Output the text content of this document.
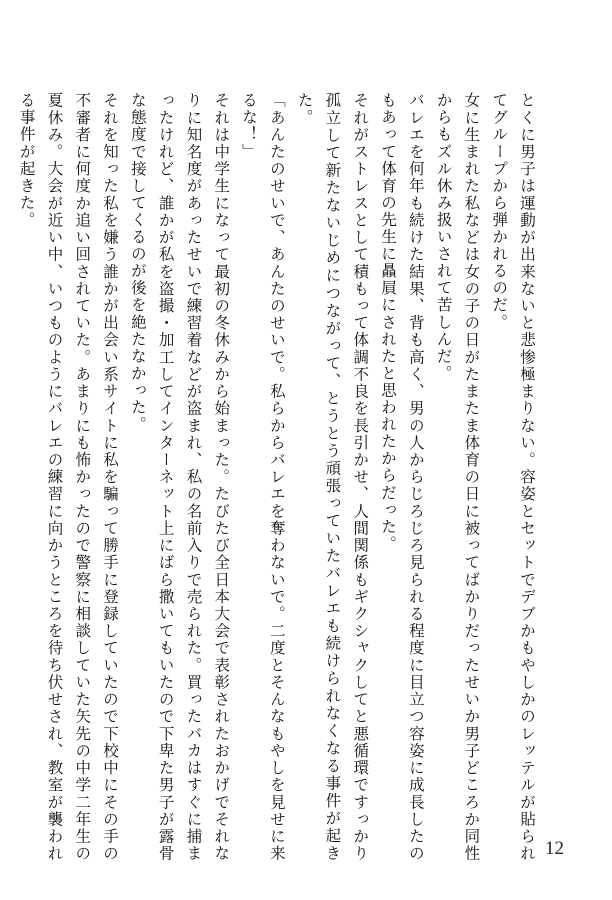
とくに男子は運動が出来ないと悲惨極まりない。容姿とセットでデブかもやしかのレッテルが貼られてグループから弾かれるのだ。

女に生まれた私などは女の子の日がたまたま体育の日に被ってばかりだったせいか男子どころか同性からもズル休み扱いされて苦しんだ。

バレエを何年も続けた結果、背も高く、男の人からじろじろ見られる程度に目立つ容姿に成長したのもあって体育の先生に贔屓にされたと思われたからだった。

それがストレスとして積もって体調不良を長引かせ、人間関係もギクシャクしてと悪循環ですっかり孤立して新たないじめにつながって、とうとう頑張っていたバレエも続けられなくなる事件が起きた。

「あんたのせいで、あんたのせいで。私らからバレエを奪わないで。二度とそんなもやしを見せに来るな！」

それは中学生になって最初の冬休みから始まった。たびたび全日本大会で表彰されたおかげでそれなりに知名度があったせいで練習着などが盗まれ、私の名前入りで売られた。買ったバカはすぐに捕まったけれど、誰かが私を盗撮・加工してインターネット上にばら撒いてもいたので下卑た男子が露骨な態度で接してくるのが後を絶たなかった。

それを知った私を嫌う誰かが出会い系サイトに私を騙って勝手に登録していたので下校中にその手の不審者に何度か追い回されていた。あまりにも怖かったので警察に相談していた矢先の中学二年生の夏休み。大会が近い中、いつものようにバレエの練習に向かうところを待ち伏せされ、教室が襲われる事件が起きた。

12
